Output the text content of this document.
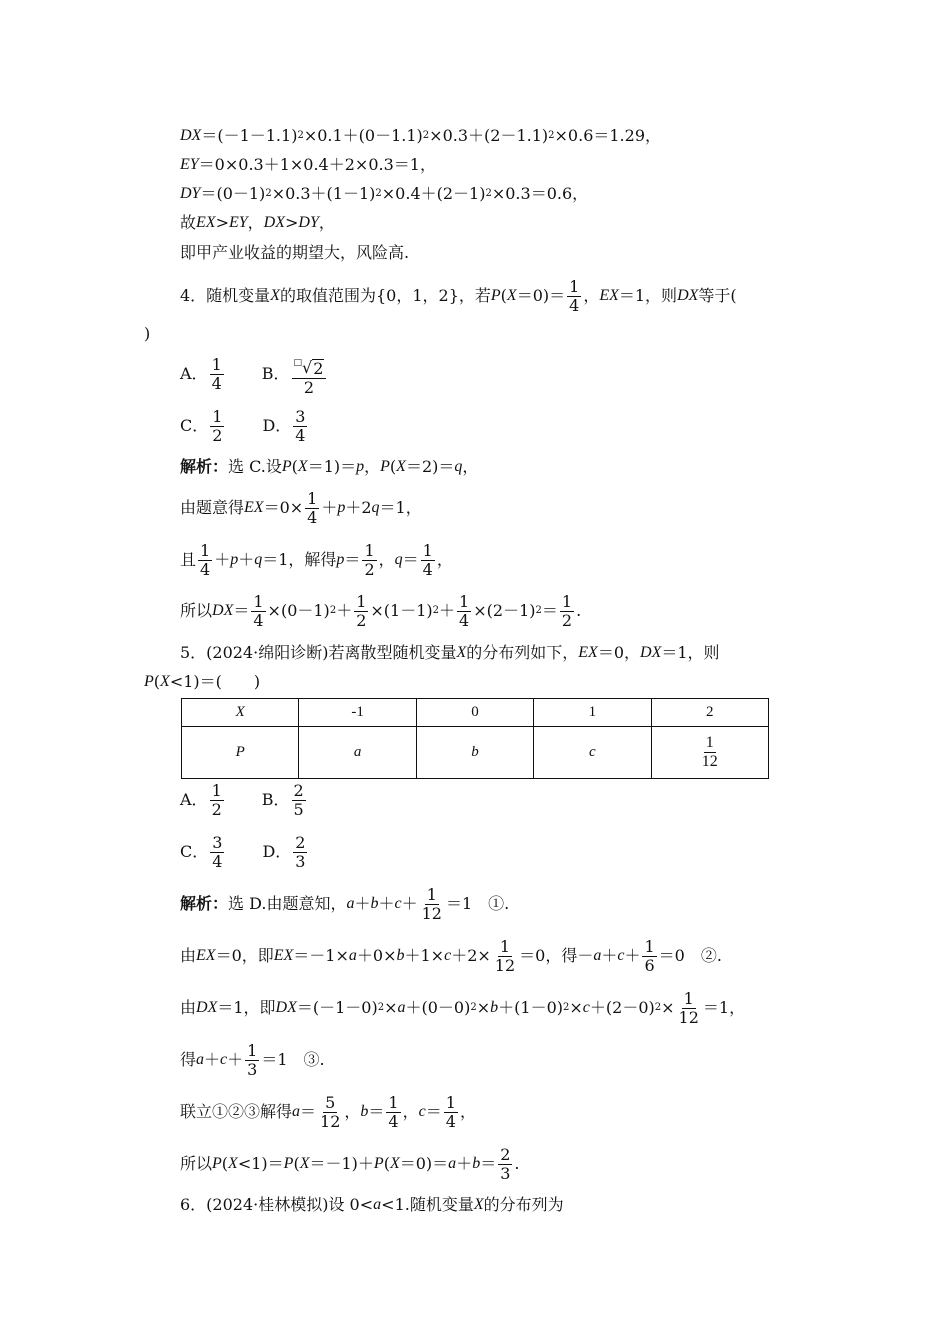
DX ＝(－1－1.1) 2 ×0.1＋(0－1.1) 2 ×0.3＋(2－1.1) 2 ×0.6＝1.29，
EY ＝0×0.3＋1×0.4＋2×0.3＝1，
DY ＝(0－1) 2 ×0.3＋(1－1) 2 ×0.4＋(2－1) 2 ×0.3＝0.6，
故 EX > EY ， DX > DY ，
即甲产业收益的期望大，风险高.
4．随机变量 X 的取值范围为{0，1，2}，若 P ( $X =0)= \frac{1}{4}$ ， EX ＝1，则 DX 等于(
)
A． $\frac{1}{4}$ B． $\frac{□ √ 2}{2}$
C． $\frac{1}{2}$ D． $\frac{3}{4}$
解析： 选 C.设 P ( X ＝1)＝ p ， P ( X ＝2)＝ q ，
由题意得 EX $=0\times \frac{1}{4} + p +2$ q ＝1，
且 $\frac{1}{4} + p + q =1$，解得 $p = \frac{1}{2}$ ， $q = \frac{1}{4}$ ，
所以 DX ＝ $\frac{1}{4} \times(0-1) 2 + \frac{1}{2} \times(1-1) 2 + \frac{1}{4} \times(2-1) 2 = \frac{1}{2}$ .
5．(2024·绵阳诊断)若离散型随机变量 X 的分布列如下， EX ＝0， DX ＝1，则
P ( X <1)＝(　　)
X	-1	0	1	2
P	a	b	c	$\frac{1}{12}$
A． $\frac{1}{2}$ B． $\frac{2}{5}$
C． $\frac{3}{4}$ D． $\frac{2}{3}$
解析： 选 D.由题意知， $a + b + c + \frac{1}{12} =1$　①.
由 EX ＝0，即 EX $=-1\times a +0\times b +1\times c +2\times \frac{1}{12} =0$，得－ $a + c + \frac{1}{6} =0$　②.
由 DX ＝1，即 DX ＝(－1－0) 2 × a ＋(0－0) 2 × b ＋(1－0) 2 × c ＋(2－0) $2 \times \frac{1}{12} =1$，
得 $a + c + \frac{1}{3} =1$　③.
联立①②③解得 $a = \frac{5}{12}$ ， $b = \frac{1}{4}$ ， $c = \frac{1}{4}$ ，
所以 P ( X <1)＝ P ( X ＝－1)＋ P ( $X =0)= a + b = \frac{2}{3}$ .
6．(2024·桂林模拟)设 0< a <1.随机变量 X 的分布列为
